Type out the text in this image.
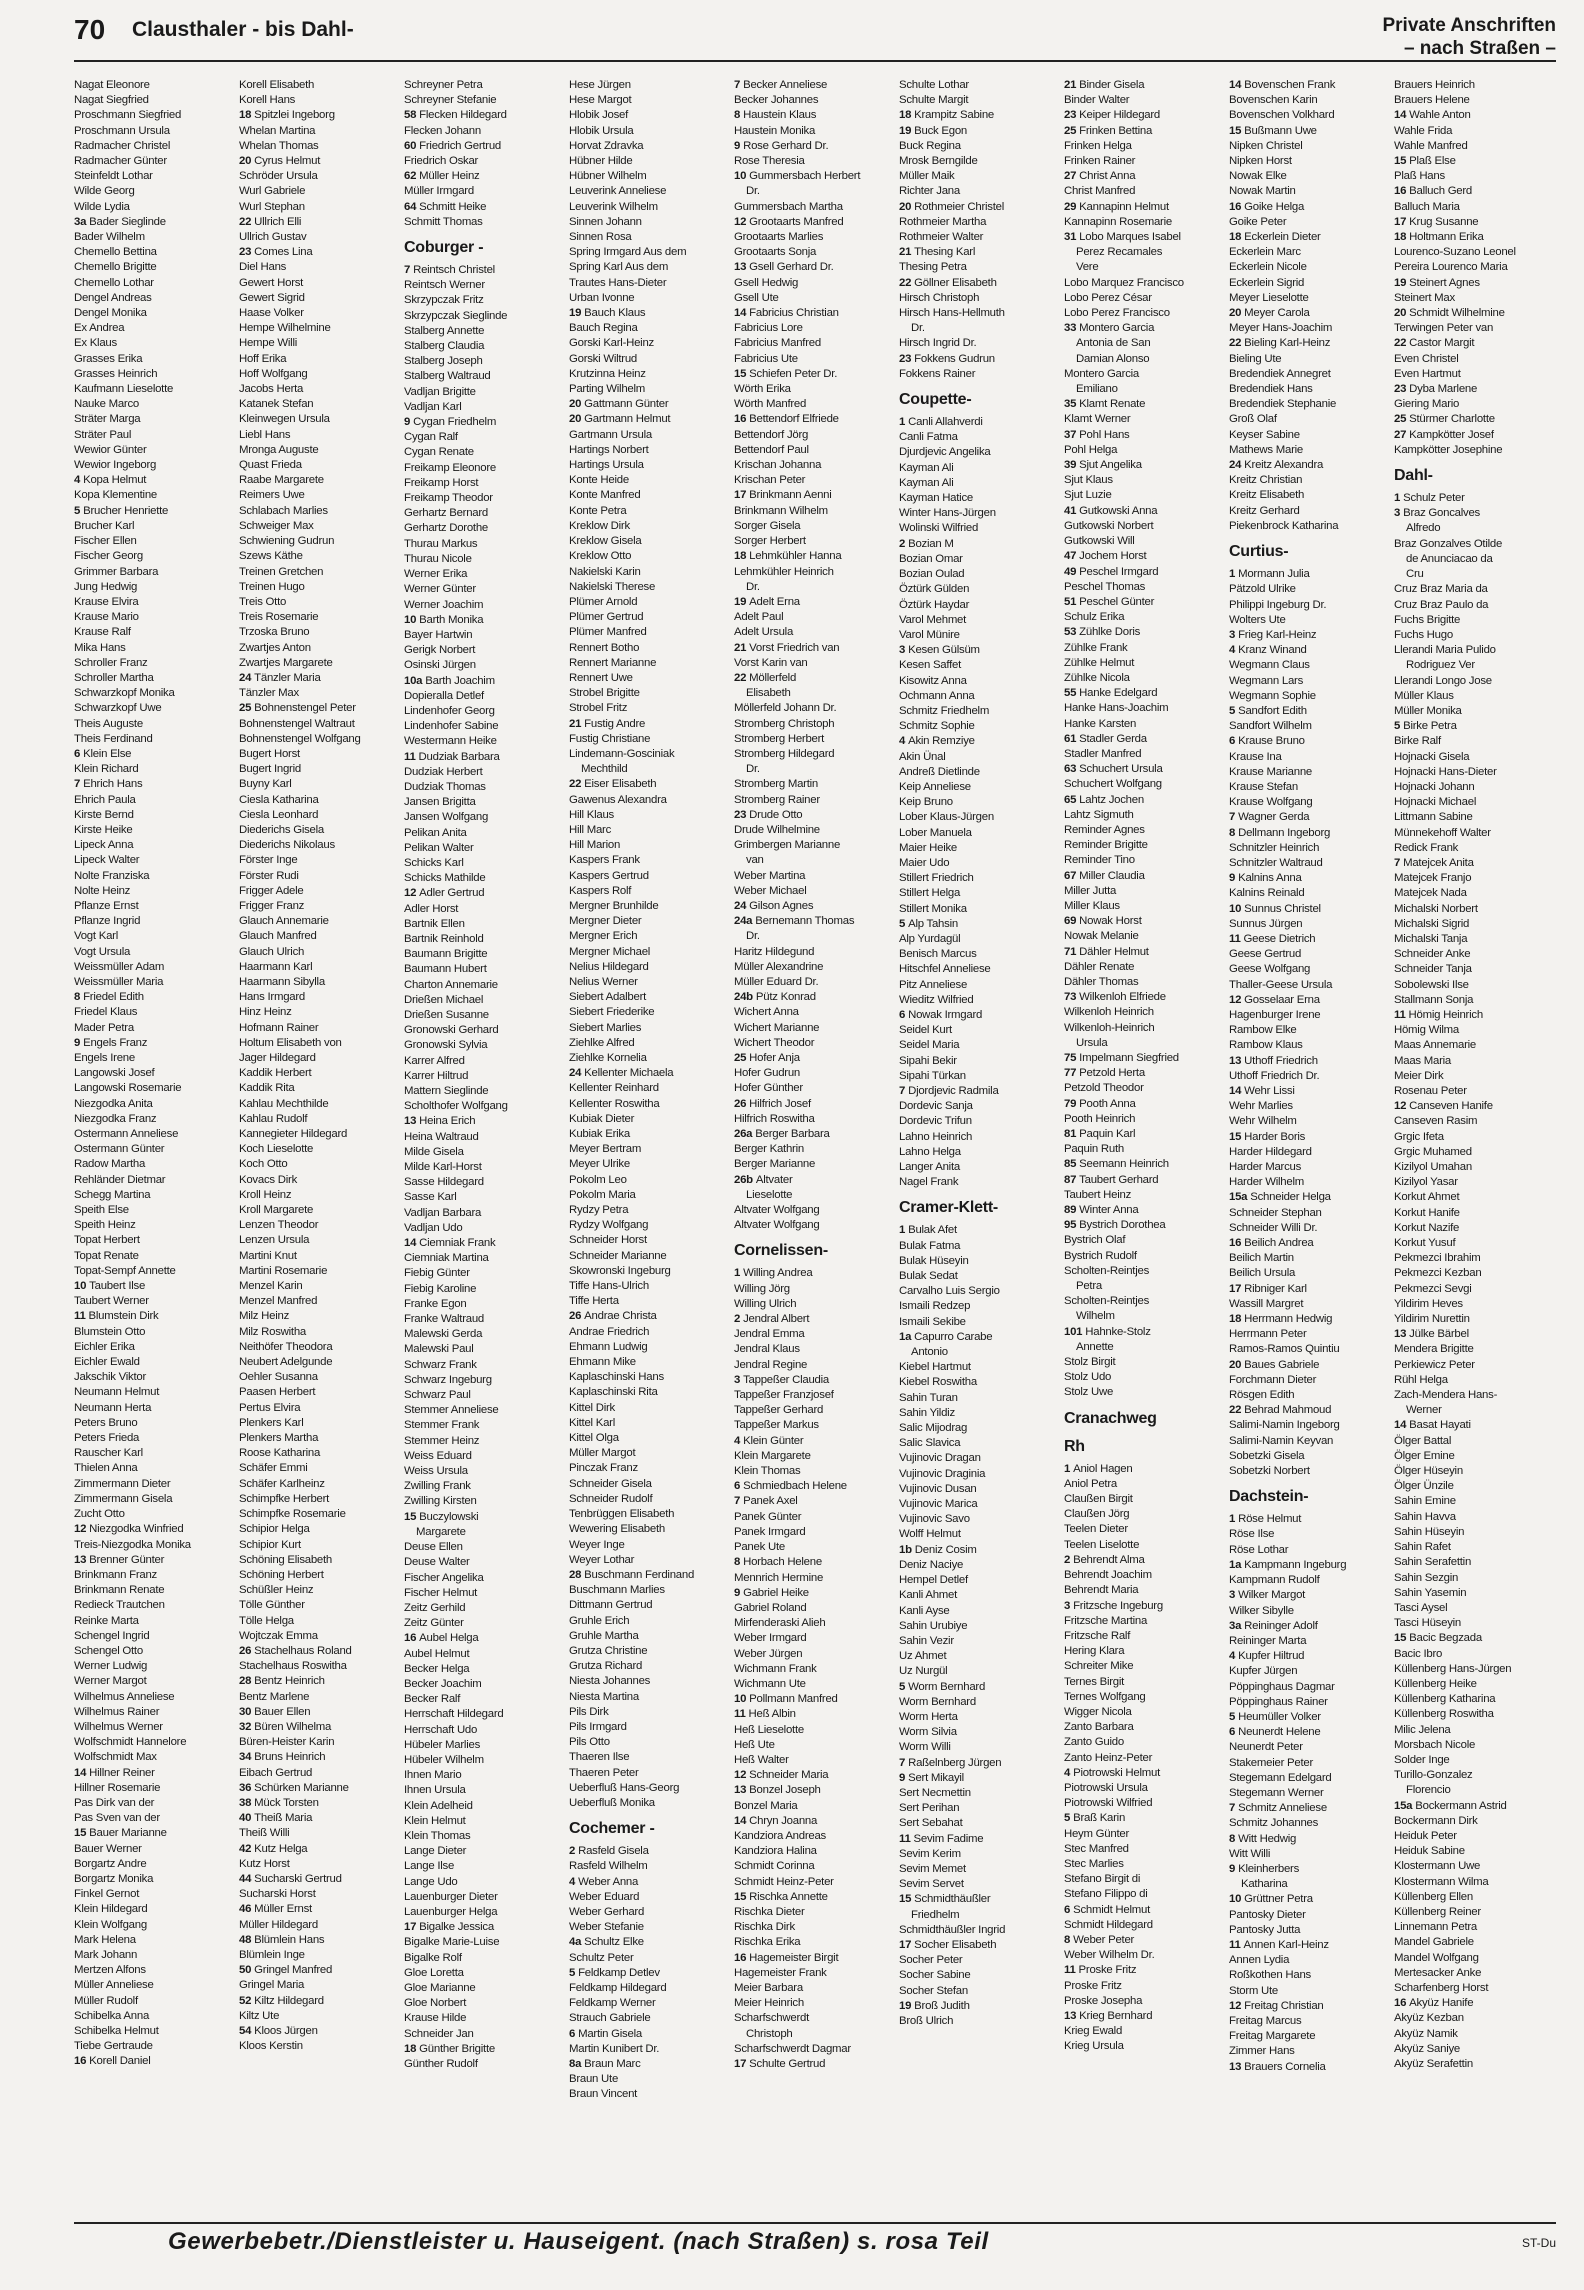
70 Clausthaler - bis Dahl-	Private Anschriften
– nach Straßen –
Nagat Eleonore
Nagat Siegfried
Proschmann Siegfried
Proschmann Ursula
Radmacher Christel
Radmacher Günter
Steinfeldt Lothar
Wilde Georg
Wilde Lydia
3a Bader Sieglinde
Bader Wilhelm
Chemello Bettina
Chemello Brigitte
Chemello Lothar
Dengel Andreas
Dengel Monika
Ex Andrea
Ex Klaus
Grasses Erika
Grasses Heinrich
Kaufmann Lieselotte
Nauke Marco
Sträter Marga
Sträter Paul
Wewior Günter
Wewior Ingeborg
4 Kopa Helmut
Kopa Klementine
5 Brucher Henriette
Brucher Karl
Fischer Ellen
Fischer Georg
Grimmer Barbara
Jung Hedwig
Krause Elvira
Krause Mario
Krause Ralf
Mika Hans
Schroller Franz
Schroller Martha
Schwarzkopf Monika
Schwarzkopf Uwe
Theis Auguste
Theis Ferdinand
6 Klein Else
Klein Richard
7 Ehrich Hans
Ehrich Paula
Kirste Bernd
Kirste Heike
Lipeck Anna
Lipeck Walter
Nolte Franziska
Nolte Heinz
Pflanze Ernst
Pflanze Ingrid
Vogt Karl
Vogt Ursula
Weissmüller Adam
Weissmüller Maria
8 Friedel Edith
Friedel Klaus
Mader Petra
9 Engels Franz
Engels Irene
Langowski Josef
Langowski Rosemarie
Niezgodka Anita
Niezgodka Franz
Ostermann Anneliese
Ostermann Günter
Radow Martha
Rehländer Dietmar
Schegg Martina
Speith Else
Speith Heinz
Topat Herbert
Topat Renate
Topat-Sempf Annette
10 Taubert Ilse
Taubert Werner
11 Blumstein Dirk
Blumstein Otto
Eichler Erika
Eichler Ewald
Jakschik Viktor
Neumann Helmut
Neumann Herta
Peters Bruno
Peters Frieda
Rauscher Karl
Thielen Anna
Zimmermann Dieter
Zimmermann Gisela
Zucht Otto
12 Niezgodka Winfried
Treis-Niezgodka Monika
13 Brenner Günter
Brinkmann Franz
Brinkmann Renate
Redieck Trautchen
Reinke Marta
Schengel Ingrid
Schengel Otto
Werner Ludwig
Werner Margot
Wilhelmus Anneliese
Wilhelmus Rainer
Wilhelmus Werner
Wolfschmidt Hannelore
Wolfschmidt Max
14 Hillner Reiner
Hillner Rosemarie
Pas Dirk van der
Pas Sven van der
15 Bauer Marianne
Bauer Werner
Borgartz Andre
Borgartz Monika
Finkel Gernot
Klein Hildegard
Klein Wolfgang
Mark Helena
Mark Johann
Mertzen Alfons
Müller Anneliese
Müller Rudolf
Schibelka Anna
Schibelka Helmut
Tiebe Gertraude
16 Korell Daniel
Korell Elisabeth
Korell Hans
18 Spitzlei Ingeborg
Whelan Martina
Whelan Thomas
20 Cyrus Helmut
Schröder Ursula
Wurl Gabriele
Wurl Stephan
22 Ullrich Elli
Ullrich Gustav
23 Comes Lina
Diel Hans
Gewert Horst
Gewert Sigrid
Haase Volker
Hempe Wilhelmine
Hempe Willi
Hoff Erika
Hoff Wolfgang
Jacobs Herta
Katanek Stefan
Kleinwegen Ursula
Liebl Hans
Mronga Auguste
Quast Frieda
Raabe Margarete
Reimers Uwe
Schlabach Marlies
Schweiger Max
Schwiening Gudrun
Szews Käthe
Treinen Gretchen
Treinen Hugo
Treis Otto
Treis Rosemarie
Trzoska Bruno
Zwartjes Anton
Zwartjes Margarete
24 Tänzler Maria
Tänzler Max
25 Bohnenstengel Peter
Bohnenstengel Waltraut
Bohnenstengel Wolfgang
Bugert Horst
Bugert Ingrid
Buyny Karl
Ciesla Katharina
Ciesla Leonhard
Diederichs Gisela
Diederichs Nikolaus
Förster Inge
Förster Rudi
Frigger Adele
Frigger Franz
Glauch Annemarie
Glauch Manfred
Glauch Ulrich
Haarmann Karl
Haarmann Sibylla
Hans Irmgard
Hinz Heinz
Hofmann Rainer
Holtum Elisabeth von
Jager Hildegard
Kaddik Herbert
Kaddik Rita
Kahlau Mechthilde
Kahlau Rudolf
Kannegieter Hildegard
Koch Lieselotte
Koch Otto
Kovacs Dirk
Kroll Heinz
Kroll Margarete
Lenzen Theodor
Lenzen Ursula
Martini Knut
Martini Rosemarie
Menzel Karin
Menzel Manfred
Milz Heinz
Milz Roswitha
Neithöfer Theodora
Neubert Adelgunde
Oehler Susanna
Paasen Herbert
Pertus Elvira
Plenkers Karl
Plenkers Martha
Roose Katharina
Schäfer Emmi
Schäfer Karlheinz
Schimpfke Herbert
Schimpfke Rosemarie
Schipior Helga
Schipior Kurt
Schöning Elisabeth
Schöning Herbert
Schüßler Heinz
Tölle Günther
Tölle Helga
Wojtczak Emma
26 Stachelhaus Roland
Stachelhaus Roswitha
28 Bentz Heinrich
Bentz Marlene
30 Bauer Ellen
32 Büren Wilhelma
Büren-Heister Karin
34 Bruns Heinrich
Eibach Gertrud
36 Schürken Marianne
38 Mück Torsten
40 Theiß Maria
Theiß Willi
42 Kutz Helga
Kutz Horst
44 Sucharski Gertrud
Sucharski Horst
46 Müller Ernst
Müller Hildegard
48 Blümlein Hans
Blümlein Inge
50 Gringel Manfred
Gringel Maria
52 Kiltz Hildegard
Kiltz Ute
54 Kloos Jürgen
Kloos Kerstin
Schreyner Petra
Schreyner Stefanie
58 Flecken Hildegard
Flecken Johann
60 Friedrich Gertrud
Friedrich Oskar
62 Müller Heinz
Müller Irmgard
64 Schmitt Heike
Schmitt Thomas
Coburger -
7 Reintsch Christel
Reintsch Werner
Skrzypczak Fritz
Skrzypczak Sieglinde
Stalberg Annette
Stalberg Claudia
Stalberg Joseph
Stalberg Waltraud
Vadljan Brigitte
Vadljan Karl
9 Cygan Friedhelm
Cygan Ralf
Cygan Renate
Freikamp Eleonore
Freikamp Horst
Freikamp Theodor
Gerhartz Bernard
Gerhartz Dorothe
Thurau Markus
Thurau Nicole
Werner Erika
Werner Günter
Werner Joachim
10 Barth Monika
Bayer Hartwin
Gerigk Norbert
Osinski Jürgen
10a Barth Joachim
Dopieralla Detlef
Lindenhofer Georg
Lindenhofer Sabine
Westermann Heike
11 Dudziak Barbara
Dudziak Herbert
Dudziak Thomas
Jansen Brigitta
Jansen Wolfgang
Pelikan Anita
Pelikan Walter
Schicks Karl
Schicks Mathilde
12 Adler Gertrud
Adler Horst
Bartnik Ellen
Bartnik Reinhold
Baumann Brigitte
Baumann Hubert
Charton Annemarie
Drießen Michael
Drießen Susanne
Gronowski Gerhard
Gronowski Sylvia
Karrer Alfred
Karrer Hiltrud
Mattern Sieglinde
Scholthofer Wolfgang
13 Heina Erich
Heina Waltraud
Milde Gisela
Milde Karl-Horst
Sasse Hildegard
Sasse Karl
Vadljan Barbara
Vadljan Udo
14 Ciemniak Frank
Ciemniak Martina
Fiebig Günter
Fiebig Karoline
Franke Egon
Franke Waltraud
Malewski Gerda
Malewski Paul
Schwarz Frank
Schwarz Ingeburg
Schwarz Paul
Stemmer Anneliese
Stemmer Frank
Stemmer Heinz
Weiss Eduard
Weiss Ursula
Zwilling Frank
Zwilling Kirsten
15 Buczylowski
Margarete
Deuse Ellen
Deuse Walter
Fischer Angelika
Fischer Helmut
Zeitz Gerhild
Zeitz Günter
16 Aubel Helga
Aubel Helmut
Becker Helga
Becker Joachim
Becker Ralf
Herrschaft Hildegard
Herrschaft Udo
Hübeler Marlies
Hübeler Wilhelm
Ihnen Mario
Ihnen Ursula
Klein Adelheid
Klein Helmut
Klein Thomas
Lange Dieter
Lange Ilse
Lange Udo
Lauenburger Dieter
Lauenburger Helga
17 Bigalke Jessica
Bigalke Marie-Luise
Bigalke Rolf
Gloe Loretta
Gloe Marianne
Gloe Norbert
Krause Hilde
Schneider Jan
18 Günther Brigitte
Günther Rudolf
Hese Jürgen
Hese Margot
Hlobik Josef
Hlobik Ursula
Horvat Zdravka
Hübner Hilde
Hübner Wilhelm
Leuverink Anneliese
Leuverink Wilhelm
Sinnen Johann
Sinnen Rosa
Spring Irmgard Aus dem
Spring Karl Aus dem
Trautes Hans-Dieter
Urban Ivonne
19 Bauch Klaus
Bauch Regina
Gorski Karl-Heinz
Gorski Wiltrud
Krutzinna Heinz
Parting Wilhelm
20 Gattmann Günter
20 Gartmann Helmut
Gartmann Ursula
Hartings Norbert
Hartings Ursula
Konte Heide
Konte Manfred
Konte Petra
Kreklow Dirk
Kreklow Gisela
Kreklow Otto
Nakielski Karin
Nakielski Therese
Plümer Arnold
Plümer Gertrud
Plümer Manfred
Rennert Botho
Rennert Marianne
Rennert Uwe
Strobel Brigitte
Strobel Fritz
21 Fustig Andre
Fustig Christiane
Lindemann-Gosciniak
Mechthild
22 Eiser Elisabeth
Gawenus Alexandra
Hill Klaus
Hill Marc
Hill Marion
Kaspers Frank
Kaspers Gertrud
Kaspers Rolf
Mergner Brunhilde
Mergner Dieter
Mergner Erich
Mergner Michael
Nelius Hildegard
Nelius Werner
Siebert Adalbert
Siebert Friederike
Siebert Marlies
Ziehlke Alfred
Ziehlke Kornelia
24 Kellenter Michaela
Kellenter Reinhard
Kellenter Roswitha
Kubiak Dieter
Kubiak Erika
Meyer Bertram
Meyer Ulrike
Pokolm Leo
Pokolm Maria
Rydzy Petra
Rydzy Wolfgang
Schneider Horst
Schneider Marianne
Skowronski Ingeburg
Tiffe Hans-Ulrich
Tiffe Herta
26 Andrae Christa
Andrae Friedrich
Ehmann Ludwig
Ehmann Mike
Kaplaschinski Hans
Kaplaschinski Rita
Kittel Dirk
Kittel Karl
Kittel Olga
Müller Margot
Pinczak Franz
Schneider Gisela
Schneider Rudolf
Tenbrüggen Elisabeth
Wewering Elisabeth
Weyer Inge
Weyer Lothar
28 Buschmann Ferdinand
Buschmann Marlies
Dittmann Gertrud
Gruhle Erich
Gruhle Martha
Grutza Christine
Grutza Richard
Niesta Johannes
Niesta Martina
Pils Dirk
Pils Irmgard
Pils Otto
Thaeren Ilse
Thaeren Peter
Ueberfluß Hans-Georg
Ueberfluß Monika
Cochemer -
2 Rasfeld Gisela
Rasfeld Wilhelm
4 Weber Anna
Weber Eduard
Weber Gerhard
Weber Stefanie
4a Schultz Elke
Schultz Peter
5 Feldkamp Detlev
Feldkamp Hildegard
Feldkamp Werner
Strauch Gabriele
6 Martin Gisela
Martin Kunibert Dr.
8a Braun Marc
Braun Ute
Braun Vincent
7 Becker Anneliese
Becker Johannes
8 Haustein Klaus
Haustein Monika
9 Rose Gerhard Dr.
Rose Theresia
10 Gummersbach Herbert
Dr.
Gummersbach Martha
12 Grootaarts Manfred
Grootaarts Marlies
Grootaarts Sonja
13 Gsell Gerhard Dr.
Gsell Hedwig
Gsell Ute
14 Fabricius Christian
Fabricius Lore
Fabricius Manfred
Fabricius Ute
15 Schiefen Peter Dr.
Wörth Erika
Wörth Manfred
16 Bettendorf Elfriede
Bettendorf Jörg
Bettendorf Paul
Krischan Johanna
Krischan Peter
17 Brinkmann Aenni
Brinkmann Wilhelm
Sorger Gisela
Sorger Herbert
18 Lehmkühler Hanna
Lehmkühler Heinrich
Dr.
19 Adelt Erna
Adelt Paul
Adelt Ursula
21 Vorst Friedrich van
Vorst Karin van
22 Möllerfeld
Elisabeth
Möllerfeld Johann Dr.
Stromberg Christoph
Stromberg Herbert
Stromberg Hildegard
Dr.
Stromberg Martin
Stromberg Rainer
23 Drude Otto
Drude Wilhelmine
Grimbergen Marianne
van
Weber Martina
Weber Michael
24 Gilson Agnes
24a Bernemann Thomas
Dr.
Haritz Hildegund
Müller Alexandrine
Müller Eduard Dr.
24b Pütz Konrad
Wichert Anna
Wichert Marianne
Wichert Theodor
25 Hofer Anja
Hofer Gudrun
Hofer Günther
26 Hilfrich Josef
Hilfrich Roswitha
26a Berger Barbara
Berger Kathrin
Berger Marianne
26b Altvater
Lieselotte
Altvater Wolfgang
Altvater Wolfgang
Cornelissen-
1 Willing Andrea
Willing Jörg
Willing Ulrich
2 Jendral Albert
Jendral Emma
Jendral Klaus
Jendral Regine
3 Tappeßer Claudia
Tappeßer Franzjosef
Tappeßer Gerhard
Tappeßer Markus
4 Klein Günter
Klein Margarete
Klein Thomas
6 Schmiedbach Helene
7 Panek Axel
Panek Günter
Panek Irmgard
Panek Ute
8 Horbach Helene
Mennrich Hermine
9 Gabriel Heike
Gabriel Roland
Mirfenderaski Alieh
Weber Irmgard
Weber Jürgen
Wichmann Frank
Wichmann Ute
10 Pollmann Manfred
11 Heß Albin
Heß Lieselotte
Heß Ute
Heß Walter
12 Schneider Maria
13 Bonzel Joseph
Bonzel Maria
14 Chryn Joanna
Kandziora Andreas
Kandziora Halina
Schmidt Corinna
Schmidt Heinz-Peter
15 Rischka Annette
Rischka Dieter
Rischka Dirk
Rischka Erika
16 Hagemeister Birgit
Hagemeister Frank
Meier Barbara
Meier Heinrich
Scharfschwerdt
Christoph
Scharfschwerdt Dagmar
17 Schulte Gertrud
Schulte Lothar
Schulte Margit
18 Krampitz Sabine
19 Buck Egon
Buck Regina
Mrosk Berngilde
Müller Maik
Richter Jana
20 Rothmeier Christel
Rothmeier Martha
Rothmeier Walter
21 Thesing Karl
Thesing Petra
22 Göllner Elisabeth
Hirsch Christoph
Hirsch Hans-Hellmuth
Dr.
Hirsch Ingrid Dr.
23 Fokkens Gudrun
Fokkens Rainer
Coupette-
1 Canli Allahverdi
Canli Fatma
Djurdjevic Angelika
Kayman Ali
Kayman Ali
Kayman Hatice
Winter Hans-Jürgen
Wolinski Wilfried
2 Bozian M
Bozian Omar
Bozian Oulad
Öztürk Gülden
Öztürk Haydar
Varol Mehmet
Varol Münire
3 Kesen Gülsüm
Kesen Saffet
Kisowitz Anna
Ochmann Anna
Schmitz Friedhelm
Schmitz Sophie
4 Akin Remziye
Akin Ünal
Andreß Dietlinde
Keip Anneliese
Keip Bruno
Lober Klaus-Jürgen
Lober Manuela
Maier Heike
Maier Udo
Stillert Friedrich
Stillert Helga
Stillert Monika
5 Alp Tahsin
Alp Yurdagül
Benisch Marcus
Hitschfel Anneliese
Pitz Anneliese
Wieditz Wilfried
6 Nowak Irmgard
Seidel Kurt
Seidel Maria
Sipahi Bekir
Sipahi Türkan
7 Djordjevic Radmila
Dordevic Sanja
Dordevic Trifun
Lahno Heinrich
Lahno Helga
Langer Anita
Nagel Frank
Cramer-Klett-
1 Bulak Afet
Bulak Fatma
Bulak Hüseyin
Bulak Sedat
Carvalho Luis Sergio
Ismaili Redzep
Ismaili Sekibe
1a Capurro Carabe
Antonio
Kiebel Hartmut
Kiebel Roswitha
Sahin Turan
Sahin Yildiz
Salic Mijodrag
Salic Slavica
Vujinovic Dragan
Vujinovic Draginia
Vujinovic Dusan
Vujinovic Marica
Vujinovic Savo
Wolff Helmut
1b Deniz Cosim
Deniz Naciye
Hempel Detlef
Kanli Ahmet
Kanli Ayse
Sahin Urubiye
Sahin Vezir
Uz Ahmet
Uz Nurgül
5 Worm Bernhard
Worm Bernhard
Worm Herta
Worm Silvia
Worm Willi
7 Raßelnberg Jürgen
9 Sert Mikayil
Sert Necmettin
Sert Perihan
Sert Sebahat
11 Sevim Fadime
Sevim Kerim
Sevim Memet
Sevim Servet
15 Schmidthäußler
Friedhelm
Schmidthäußler Ingrid
17 Socher Elisabeth
Socher Peter
Socher Sabine
Socher Stefan
19 Broß Judith
Broß Ulrich
21 Binder Gisela
Binder Walter
23 Keiper Hildegard
25 Frinken Bettina
Frinken Helga
Frinken Rainer
27 Christ Anna
Christ Manfred
29 Kannapinn Helmut
Kannapinn Rosemarie
31 Lobo Marques Isabel
Perez Recamales
Vere
Lobo Marquez Francisco
Lobo Perez César
Lobo Perez Francisco
33 Montero Garcia
Antonia de San
Damian Alonso
Montero Garcia
Emiliano
35 Klamt Renate
Klamt Werner
37 Pohl Hans
Pohl Helga
39 Sjut Angelika
Sjut Klaus
Sjut Luzie
41 Gutkowski Anna
Gutkowski Norbert
Gutkowski Will
47 Jochem Horst
49 Peschel Irmgard
Peschel Thomas
51 Peschel Günter
Schulz Erika
53 Zühlke Doris
Zühlke Frank
Zühlke Helmut
Zühlke Nicola
55 Hanke Edelgard
Hanke Hans-Joachim
Hanke Karsten
61 Stadler Gerda
Stadler Manfred
63 Schuchert Ursula
Schuchert Wolfgang
65 Lahtz Jochen
Lahtz Sigmuth
Reminder Agnes
Reminder Brigitte
Reminder Tino
67 Miller Claudia
Miller Jutta
Miller Klaus
69 Nowak Horst
Nowak Melanie
71 Dähler Helmut
Dähler Renate
Dähler Thomas
73 Wilkenloh Elfriede
Wilkenloh Heinrich
Wilkenloh-Heinrich
Ursula
75 Impelmann Siegfried
77 Petzold Herta
Petzold Theodor
79 Pooth Anna
Pooth Heinrich
81 Paquin Karl
Paquin Ruth
85 Seemann Heinrich
87 Taubert Gerhard
Taubert Heinz
89 Winter Anna
95 Bystrich Dorothea
Bystrich Olaf
Bystrich Rudolf
Scholten-Reintjes
Petra
Scholten-Reintjes
Wilhelm
101 Hahnke-Stolz
Annette
Stolz Birgit
Stolz Udo
Stolz Uwe
Cranachweg
Rh
1 Aniol Hagen
Aniol Petra
Claußen Birgit
Claußen Jörg
Teelen Dieter
Teelen Liselotte
2 Behrendt Alma
Behrendt Joachim
Behrendt Maria
3 Fritzsche Ingeburg
Fritzsche Martina
Fritzsche Ralf
Hering Klara
Schreiter Mike
Ternes Birgit
Ternes Wolfgang
Wigger Nicola
Zanto Barbara
Zanto Guido
Zanto Heinz-Peter
4 Piotrowski Helmut
Piotrowski Ursula
Piotrowski Wilfried
5 Braß Karin
Heym Günter
Stec Manfred
Stec Marlies
Stefano Birgit di
Stefano Filippo di
6 Schmidt Helmut
Schmidt Hildegard
8 Weber Peter
Weber Wilhelm Dr.
11 Proske Fritz
Proske Fritz
Proske Josepha
13 Krieg Bernhard
Krieg Ewald
Krieg Ursula
14 Bovenschen Frank
Bovenschen Karin
Bovenschen Volkhard
15 Bußmann Uwe
Nipken Christel
Nipken Horst
Nowak Elke
Nowak Martin
16 Goike Helga
Goike Peter
18 Eckerlein Dieter
Eckerlein Marc
Eckerlein Nicole
Eckerlein Sigrid
Meyer Lieselotte
20 Meyer Carola
Meyer Hans-Joachim
22 Bieling Karl-Heinz
Bieling Ute
Bredendiek Annegret
Bredendiek Hans
Bredendiek Stephanie
Groß Olaf
Keyser Sabine
Mathews Marie
24 Kreitz Alexandra
Kreitz Christian
Kreitz Elisabeth
Kreitz Gerhard
Piekenbrock Katharina
Curtius-
1 Mormann Julia
Pätzold Ulrike
Philippi Ingeburg Dr.
Wolters Ute
3 Frieg Karl-Heinz
4 Kranz Winand
Wegmann Claus
Wegmann Lars
Wegmann Sophie
5 Sandfort Edith
Sandfort Wilhelm
6 Krause Bruno
Krause Ina
Krause Marianne
Krause Stefan
Krause Wolfgang
7 Wagner Gerda
8 Dellmann Ingeborg
Schnitzler Heinrich
Schnitzler Waltraud
9 Kalnins Anna
Kalnins Reinald
10 Sunnus Christel
Sunnus Jürgen
11 Geese Dietrich
Geese Gertrud
Geese Wolfgang
Thaller-Geese Ursula
12 Gosselaar Erna
Hagenburger Irene
Rambow Elke
Rambow Klaus
13 Uthoff Friedrich
Uthoff Friedrich Dr.
14 Wehr Lissi
Wehr Marlies
Wehr Wilhelm
15 Harder Boris
Harder Hildegard
Harder Marcus
Harder Wilhelm
15a Schneider Helga
Schneider Stephan
Schneider Willi Dr.
16 Beilich Andrea
Beilich Martin
Beilich Ursula
17 Ribniger Karl
Wassill Margret
18 Herrmann Hedwig
Herrmann Peter
Ramos-Ramos Quintiu
20 Baues Gabriele
Forchmann Dieter
Rösgen Edith
22 Behrad Mahmoud
Salimi-Namin Ingeborg
Salimi-Namin Keyvan
Sobetzki Gisela
Sobetzki Norbert
Dachstein-
1 Röse Helmut
Röse Ilse
Röse Lothar
1a Kampmann Ingeburg
Kampmann Rudolf
3 Wilker Margot
Wilker Sibylle
3a Reininger Adolf
Reininger Marta
4 Kupfer Hiltrud
Kupfer Jürgen
Pöppinghaus Dagmar
Pöppinghaus Rainer
5 Heumüller Volker
6 Neunerdt Helene
Neunerdt Peter
Stakemeier Peter
Stegemann Edelgard
Stegemann Werner
7 Schmitz Anneliese
Schmitz Johannes
8 Witt Hedwig
Witt Willi
9 Kleinherbers
Katharina
10 Grüttner Petra
Pantosky Dieter
Pantosky Jutta
11 Annen Karl-Heinz
Annen Lydia
Roßkothen Hans
Storm Ute
12 Freitag Christian
Freitag Marcus
Freitag Margarete
Zimmer Hans
13 Brauers Cornelia
Brauers Heinrich
Brauers Helene
14 Wahle Anton
Wahle Frida
Wahle Manfred
15 Plaß Else
Plaß Hans
16 Balluch Gerd
Balluch Maria
17 Krug Susanne
18 Holtmann Erika
Lourenco-Suzano Leonel
Pereira Lourenco Maria
19 Steinert Agnes
Steinert Max
20 Schmidt Wilhelmine
Terwingen Peter van
22 Castor Margit
Even Christel
Even Hartmut
23 Dyba Marlene
Giering Mario
25 Stürmer Charlotte
27 Kampkötter Josef
Kampkötter Josephine
Dahl-
1 Schulz Peter
3 Braz Goncalves
Alfredo
Braz Gonzalves Otilde
de Anunciacao da
Cru
Cruz Braz Maria da
Cruz Braz Paulo da
Fuchs Brigitte
Fuchs Hugo
Llerandi Maria Pulido
Rodriguez Ver
Llerandi Longo Jose
Müller Klaus
Müller Monika
5 Birke Petra
Birke Ralf
Hojnacki Gisela
Hojnacki Hans-Dieter
Hojnacki Johann
Hojnacki Michael
Littmann Sabine
Münnekehoff Walter
Redick Frank
7 Matejcek Anita
Matejcek Franjo
Matejcek Nada
Michalski Norbert
Michalski Sigrid
Michalski Tanja
Schneider Anke
Schneider Tanja
Sobolewski Ilse
Stallmann Sonja
11 Hömig Heinrich
Hömig Wilma
Maas Annemarie
Maas Maria
Meier Dirk
Rosenau Peter
12 Canseven Hanife
Canseven Rasim
Grgic Ifeta
Grgic Muhamed
Kizilyol Umahan
Kizilyol Yasar
Korkut Ahmet
Korkut Hanife
Korkut Nazife
Korkut Yusuf
Pekmezci Ibrahim
Pekmezci Kezban
Pekmezci Sevgi
Yildirim Heves
Yildirim Nurettin
13 Jülke Bärbel
Mendera Brigitte
Perkiewicz Peter
Rühl Helga
Zach-Mendera Hans-
Werner
14 Basat Hayati
Ölger Battal
Ölger Emine
Ölger Hüseyin
Ölger Ünzile
Sahin Emine
Sahin Havva
Sahin Hüseyin
Sahin Rafet
Sahin Serafettin
Sahin Sezgin
Sahin Yasemin
Tasci Aysel
Tasci Hüseyin
15 Bacic Begzada
Bacic Ibro
Küllenberg Hans-Jürgen
Küllenberg Heike
Küllenberg Katharina
Küllenberg Roswitha
Milic Jelena
Morsbach Nicole
Solder Inge
Turillo-Gonzalez
Florencio
15a Bockermann Astrid
Bockermann Dirk
Heiduk Peter
Heiduk Sabine
Klostermann Uwe
Klostermann Wilma
Küllenberg Ellen
Küllenberg Reiner
Linnemann Petra
Mandel Gabriele
Mandel Wolfgang
Mertesacker Anke
Scharfenberg Horst
16 Akyüz Hanife
Akyüz Kezban
Akyüz Namik
Akyüz Saniye
Akyüz Serafettin
Gewerbebetr./Dienstleister u. Hauseigent. (nach Straßen) s. rosa Teil	ST-Du
